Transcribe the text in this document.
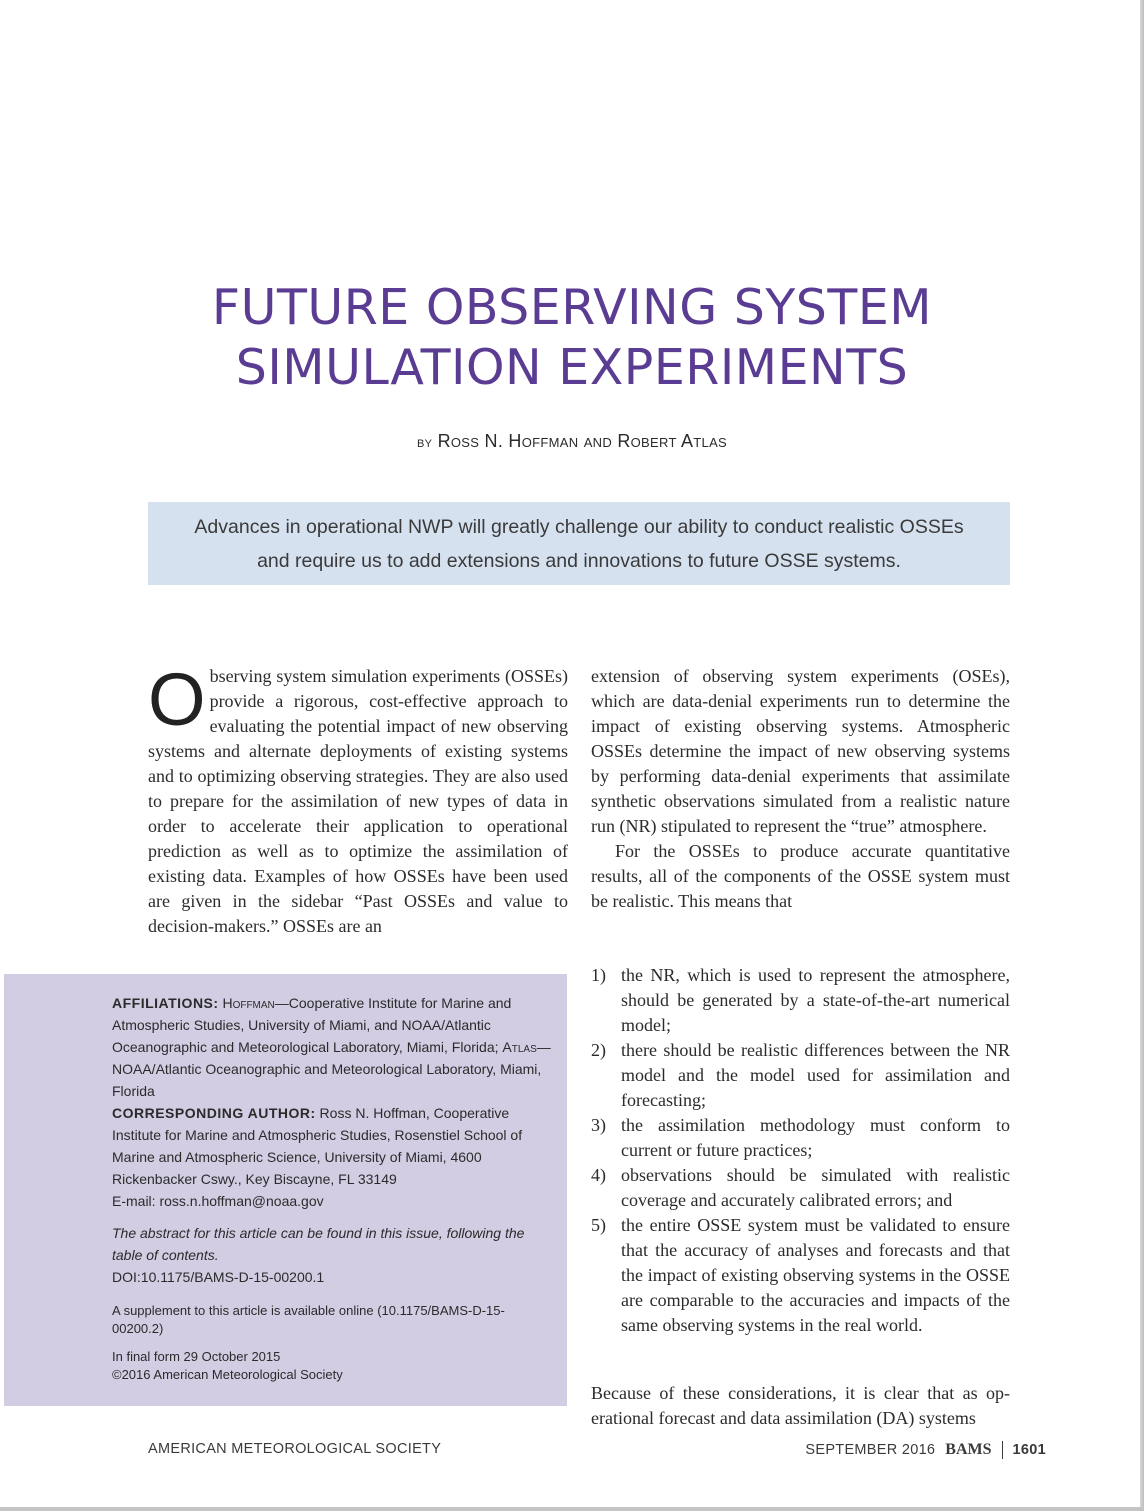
FUTURE OBSERVING SYSTEM
SIMULATION EXPERIMENTS
by Ross N. Hoffman and Robert Atlas
Advances in operational NWP will greatly challenge our ability to conduct realistic OSSEs
and require us to add extensions and innovations to future OSSE systems.

Observing system simulation experiments (OSSEs) provide a rigorous, cost-effective approach to evaluating the potential impact of new observing systems and alternate deployments of existing systems and to optimizing observing strategies. They are also used to prepare for the assimilation of new types of data in order to accelerate their application to operational prediction as well as to optimize the assimilation of existing data. Examples of how OSSEs have been used are given in the sidebar “Past OSSEs and value to decision-makers.” OSSEs are an

extension of observing system experiments (OSEs), which are data-denial experiments run to determine the impact of existing observing systems. Atmospheric OSSEs determine the impact of new observing systems by performing data-denial experiments that assimilate synthetic observations simulated from a realistic nature run (NR) stipulated to represent the “true” atmosphere.

For the OSSEs to produce accurate quantitative results, all of the components of the OSSE system must be realistic. This means that

1) the NR, which is used to represent the atmosphere, should be generated by a state-of-the-art numerical model;
2) there should be realistic differences between the NR model and the model used for assimilation and forecasting;
3) the assimilation methodology must conform to current or future practices;
4) observations should be simulated with realistic coverage and accurately calibrated errors; and
5) the entire OSSE system must be validated to ensure that the accuracy of analyses and forecasts and that the impact of existing observing systems in the OSSE are comparable to the accuracies and impacts of the same observing systems in the real world.

Because of these considerations, it is clear that as operational forecast and data assimilation (DA) systems

AFFILIATIONS: Hoffman—Cooperative Institute for Marine and Atmospheric Studies, University of Miami, and NOAA/Atlantic Oceanographic and Meteorological Laboratory, Miami, Florida; Atlas—NOAA/Atlantic Oceanographic and Meteorological Laboratory, Miami, Florida

CORRESPONDING AUTHOR: Ross N. Hoffman, Cooperative Institute for Marine and Atmospheric Studies, Rosenstiel School of Marine and Atmospheric Science, University of Miami, 4600 Rickenbacker Cswy., Key Biscayne, FL 33149

E-mail: ross.n.hoffman@noaa.gov

The abstract for this article can be found in this issue, following the table of contents.

DOI:10.1175/BAMS-D-15-00200.1

A supplement to this article is available online (10.1175/BAMS-D-15-00200.2)

In final form 29 October 2015

©2016 American Meteorological Society

AMERICAN METEOROLOGICAL SOCIETY	SEPTEMBER 2016 BAMS 1601
